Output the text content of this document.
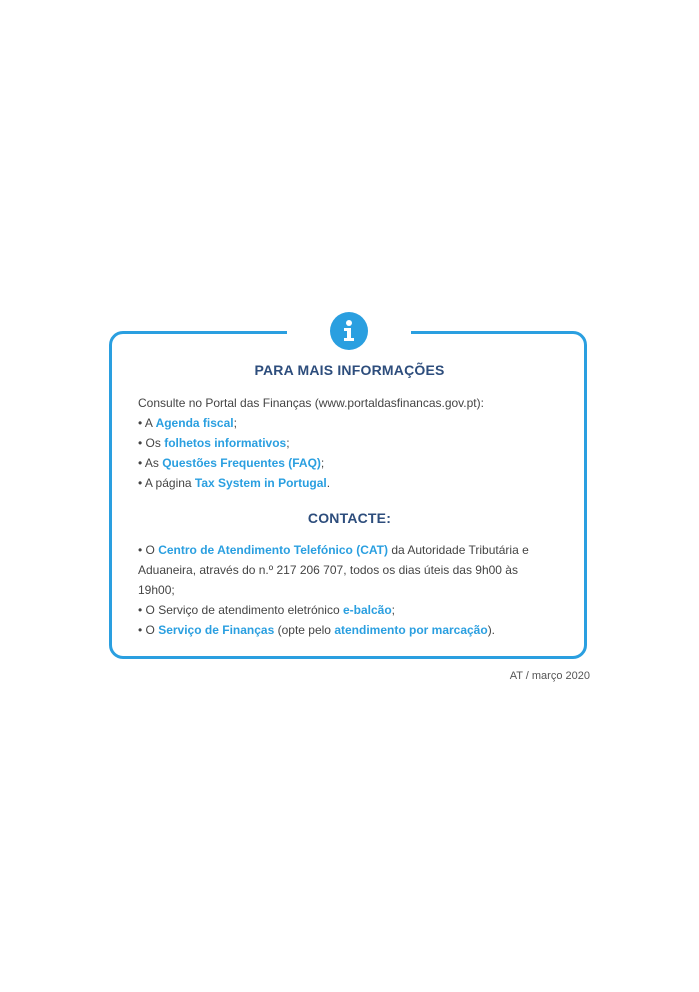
PARA MAIS INFORMAÇÕES
Consulte no Portal das Finanças (www.portaldasfinancas.gov.pt):
• A Agenda fiscal;
• Os folhetos informativos;
• As Questões Frequentes (FAQ);
• A página Tax System in Portugal.
CONTACTE:
• O Centro de Atendimento Telefónico (CAT) da Autoridade Tributária e Aduaneira, através do n.º 217 206 707, todos os dias úteis das 9h00 às 19h00;
• O Serviço de atendimento eletrónico e-balcão;
• O Serviço de Finanças (opte pelo atendimento por marcação).
AT / março 2020
